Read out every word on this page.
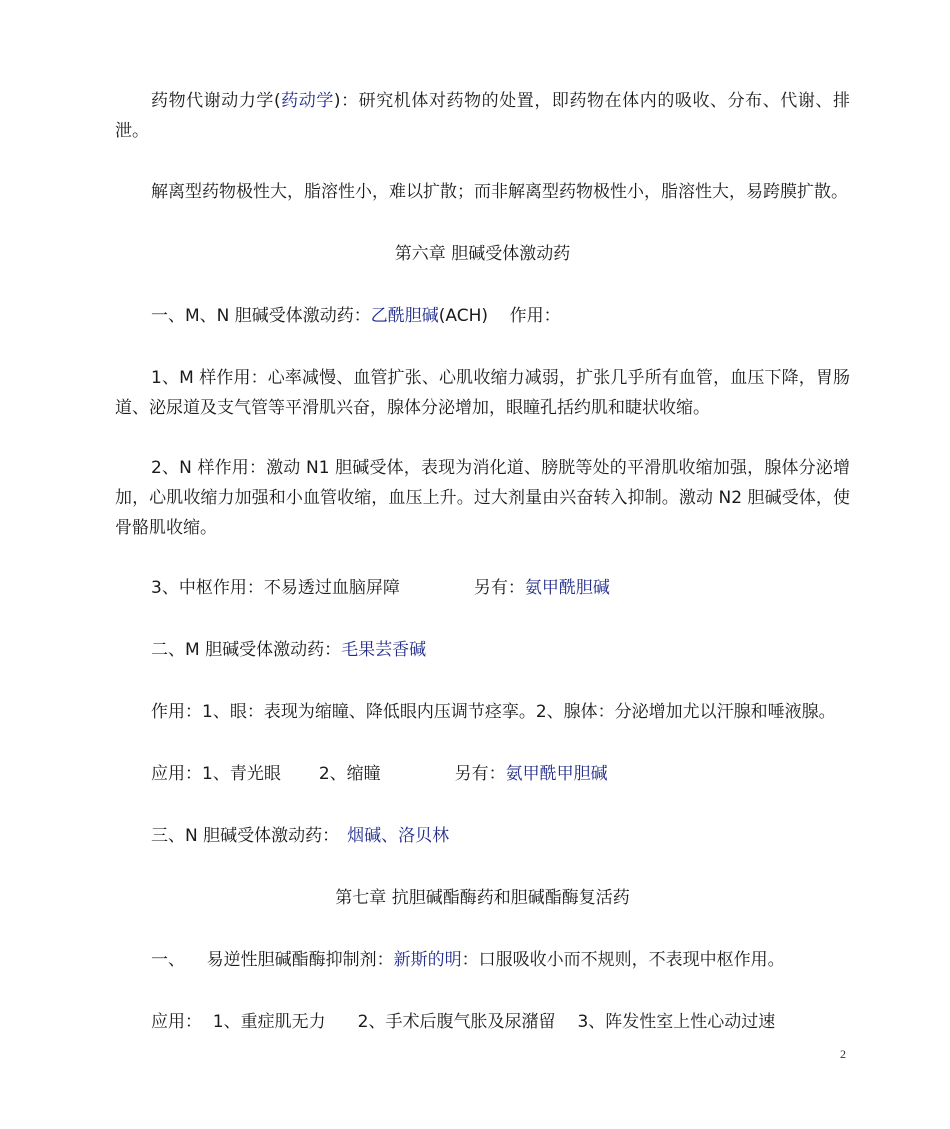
药物代谢动力学(药动学)：研究机体对药物的处置，即药物在体内的吸收、分布、代谢、排泄。
解离型药物极性大，脂溶性小，难以扩散；而非解离型药物极性小，脂溶性大，易跨膜扩散。
第六章 胆碱受体激动药
一、M、N 胆碱受体激动药：乙酰胆碱(ACH)    作用：
1、M 样作用：心率减慢、血管扩张、心肌收缩力减弱，扩张几乎所有血管，血压下降，胃肠道、泌尿道及支气管等平滑肌兴奋，腺体分泌增加，眼瞳孔括约肌和睫状收缩。
2、N 样作用：激动 N1 胆碱受体，表现为消化道、膀胱等处的平滑肌收缩加强，腺体分泌增加，心肌收缩力加强和小血管收缩，血压上升。过大剂量由兴奋转入抑制。激动 N2 胆碱受体，使骨骼肌收缩。
3、中枢作用：不易透过血脑屏障	另有：氨甲酰胆碱
二、M 胆碱受体激动药：毛果芸香碱
作用：1、眼：表现为缩瞳、降低眼内压调节痉挛。2、腺体：分泌增加尤以汗腺和唾液腺。
应用：1、青光眼 2、缩瞳	另有：氨甲酰甲胆碱
三、N 胆碱受体激动药： 烟碱、洛贝林
第七章 抗胆碱酯酶药和胆碱酯酶复活药
一、    易逆性胆碱酯酶抑制剂：新斯的明：口服吸收小而不规则，不表现中枢作用。
应用：  1、重症肌无力 2、手术后腹气胀及尿潴留 3、阵发性室上性心动过速
2
